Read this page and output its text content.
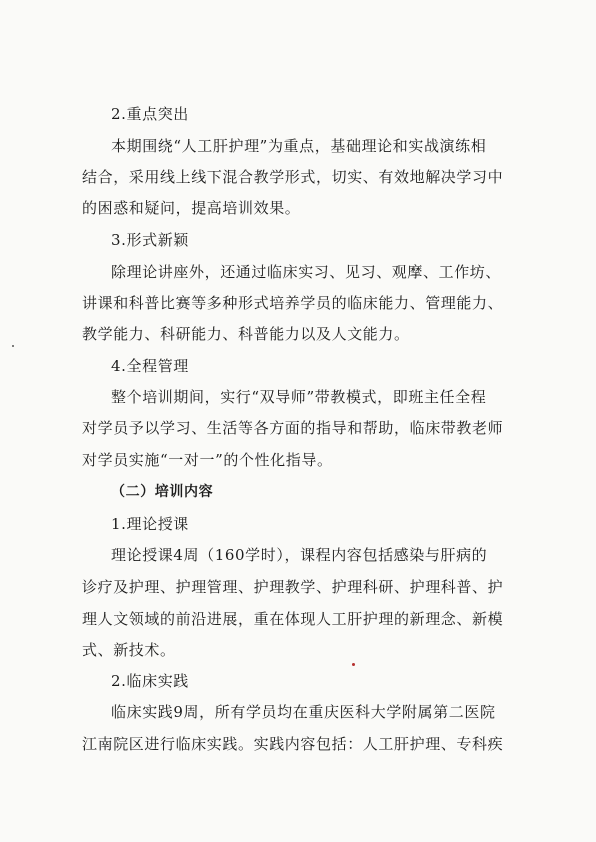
2.重点突出
本期围绕“人工肝护理”为重点，基础理论和实战演练相
结合，采用线上线下混合教学形式，切实、有效地解决学习中
的困惑和疑问，提高培训效果。
3.形式新颖
除理论讲座外，还通过临床实习、见习、观摩、工作坊、
讲课和科普比赛等多种形式培养学员的临床能力、管理能力、
教学能力、科研能力、科普能力以及人文能力。
4.全程管理
整个培训期间，实行“双导师”带教模式，即班主任全程
对学员予以学习、生活等各方面的指导和帮助，临床带教老师
对学员实施“一对一”的个性化指导。
（二）培训内容
1.理论授课
理论授课4周（160学时），课程内容包括感染与肝病的
诊疗及护理、护理管理、护理教学、护理科研、护理科普、护
理人文领域的前沿进展，重在体现人工肝护理的新理念、新模
式、新技术。
2.临床实践
临床实践9周，所有学员均在重庆医科大学附属第二医院
江南院区进行临床实践。实践内容包括：人工肝护理、专科疾
